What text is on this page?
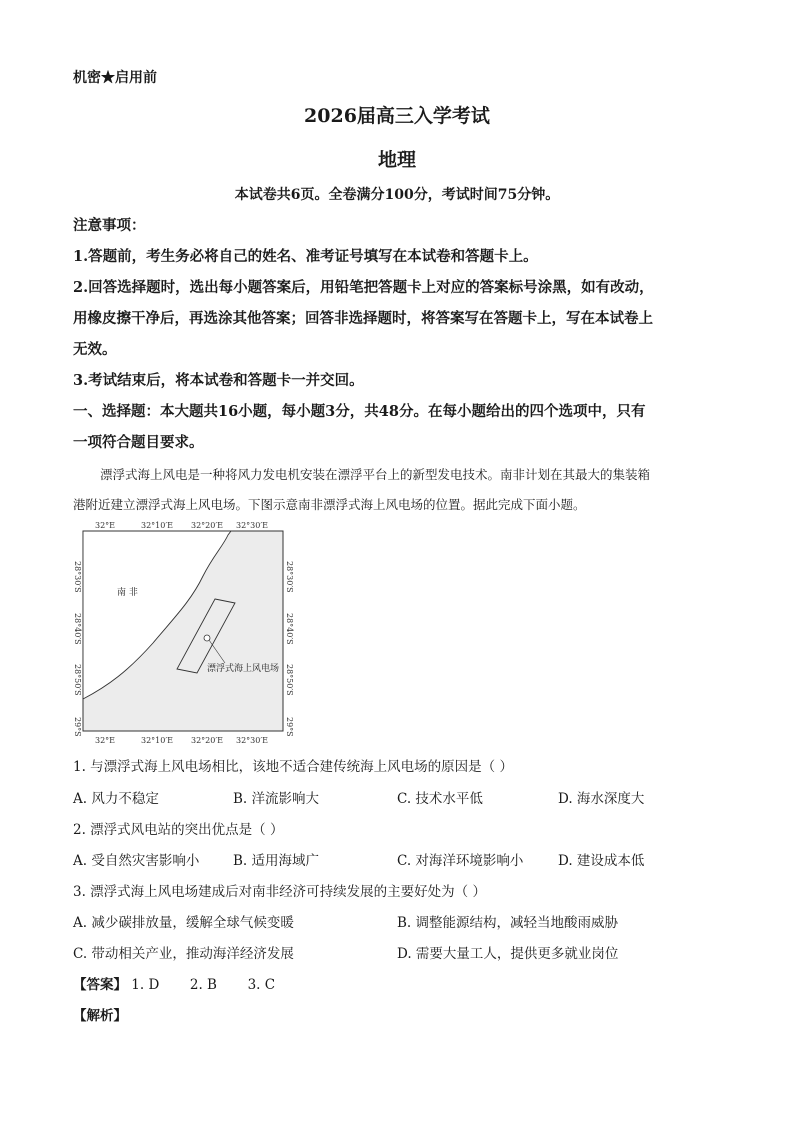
机密★启用前
2026届高三入学考试
地理
本试卷共6页。全卷满分100分，考试时间75分钟。
注意事项：
1.答题前，考生务必将自己的姓名、准考证号填写在本试卷和答题卡上。
2.回答选择题时，选出每小题答案后，用铅笔把答题卡上对应的答案标号涂黑，如有改动，
用橡皮擦干净后，再选涂其他答案；回答非选择题时，将答案写在答题卡上，写在本试卷上
无效。
3.考试结束后，将本试卷和答题卡一并交回。
一、选择题：本大题共16小题，每小题3分，共48分。在每小题给出的四个选项中，只有
一项符合题目要求。
漂浮式海上风电是一种将风力发电机安装在漂浮平台上的新型发电技术。南非计划在其最大的集装箱
港附近建立漂浮式海上风电场。下图示意南非漂浮式海上风电场的位置。据此完成下面小题。
漂浮式海上风电场
南 非
32°E	32°10′E 32°20′E 32°30′E
32°E	32°10′E 32°20′E 32°30′E
28°30′S
28°40′S
28°50′S
29°S
28°30′S
28°40′S
28°50′S
29°S
1. 与漂浮式海上风电场相比，该地不适合建传统海上风电场的原因是（ ）
A. 风力不稳定	B. 洋流影响大	C. 技术水平低	D. 海水深度大
2. 漂浮式风电站的突出优点是（ ）
A. 受自然灾害影响小 B. 适用海域广	C. 对海洋环境影响小	D. 建设成本低
3. 漂浮式海上风电场建成后对南非经济可持续发展的主要好处为（ ）
A. 减少碳排放量，缓解全球气候变暖	B. 调整能源结构，减轻当地酸雨威胁
C. 带动相关产业，推动海洋经济发展	D. 需要大量工人，提供更多就业岗位
【答案】 1. D 2. B 3. C
【解析】
